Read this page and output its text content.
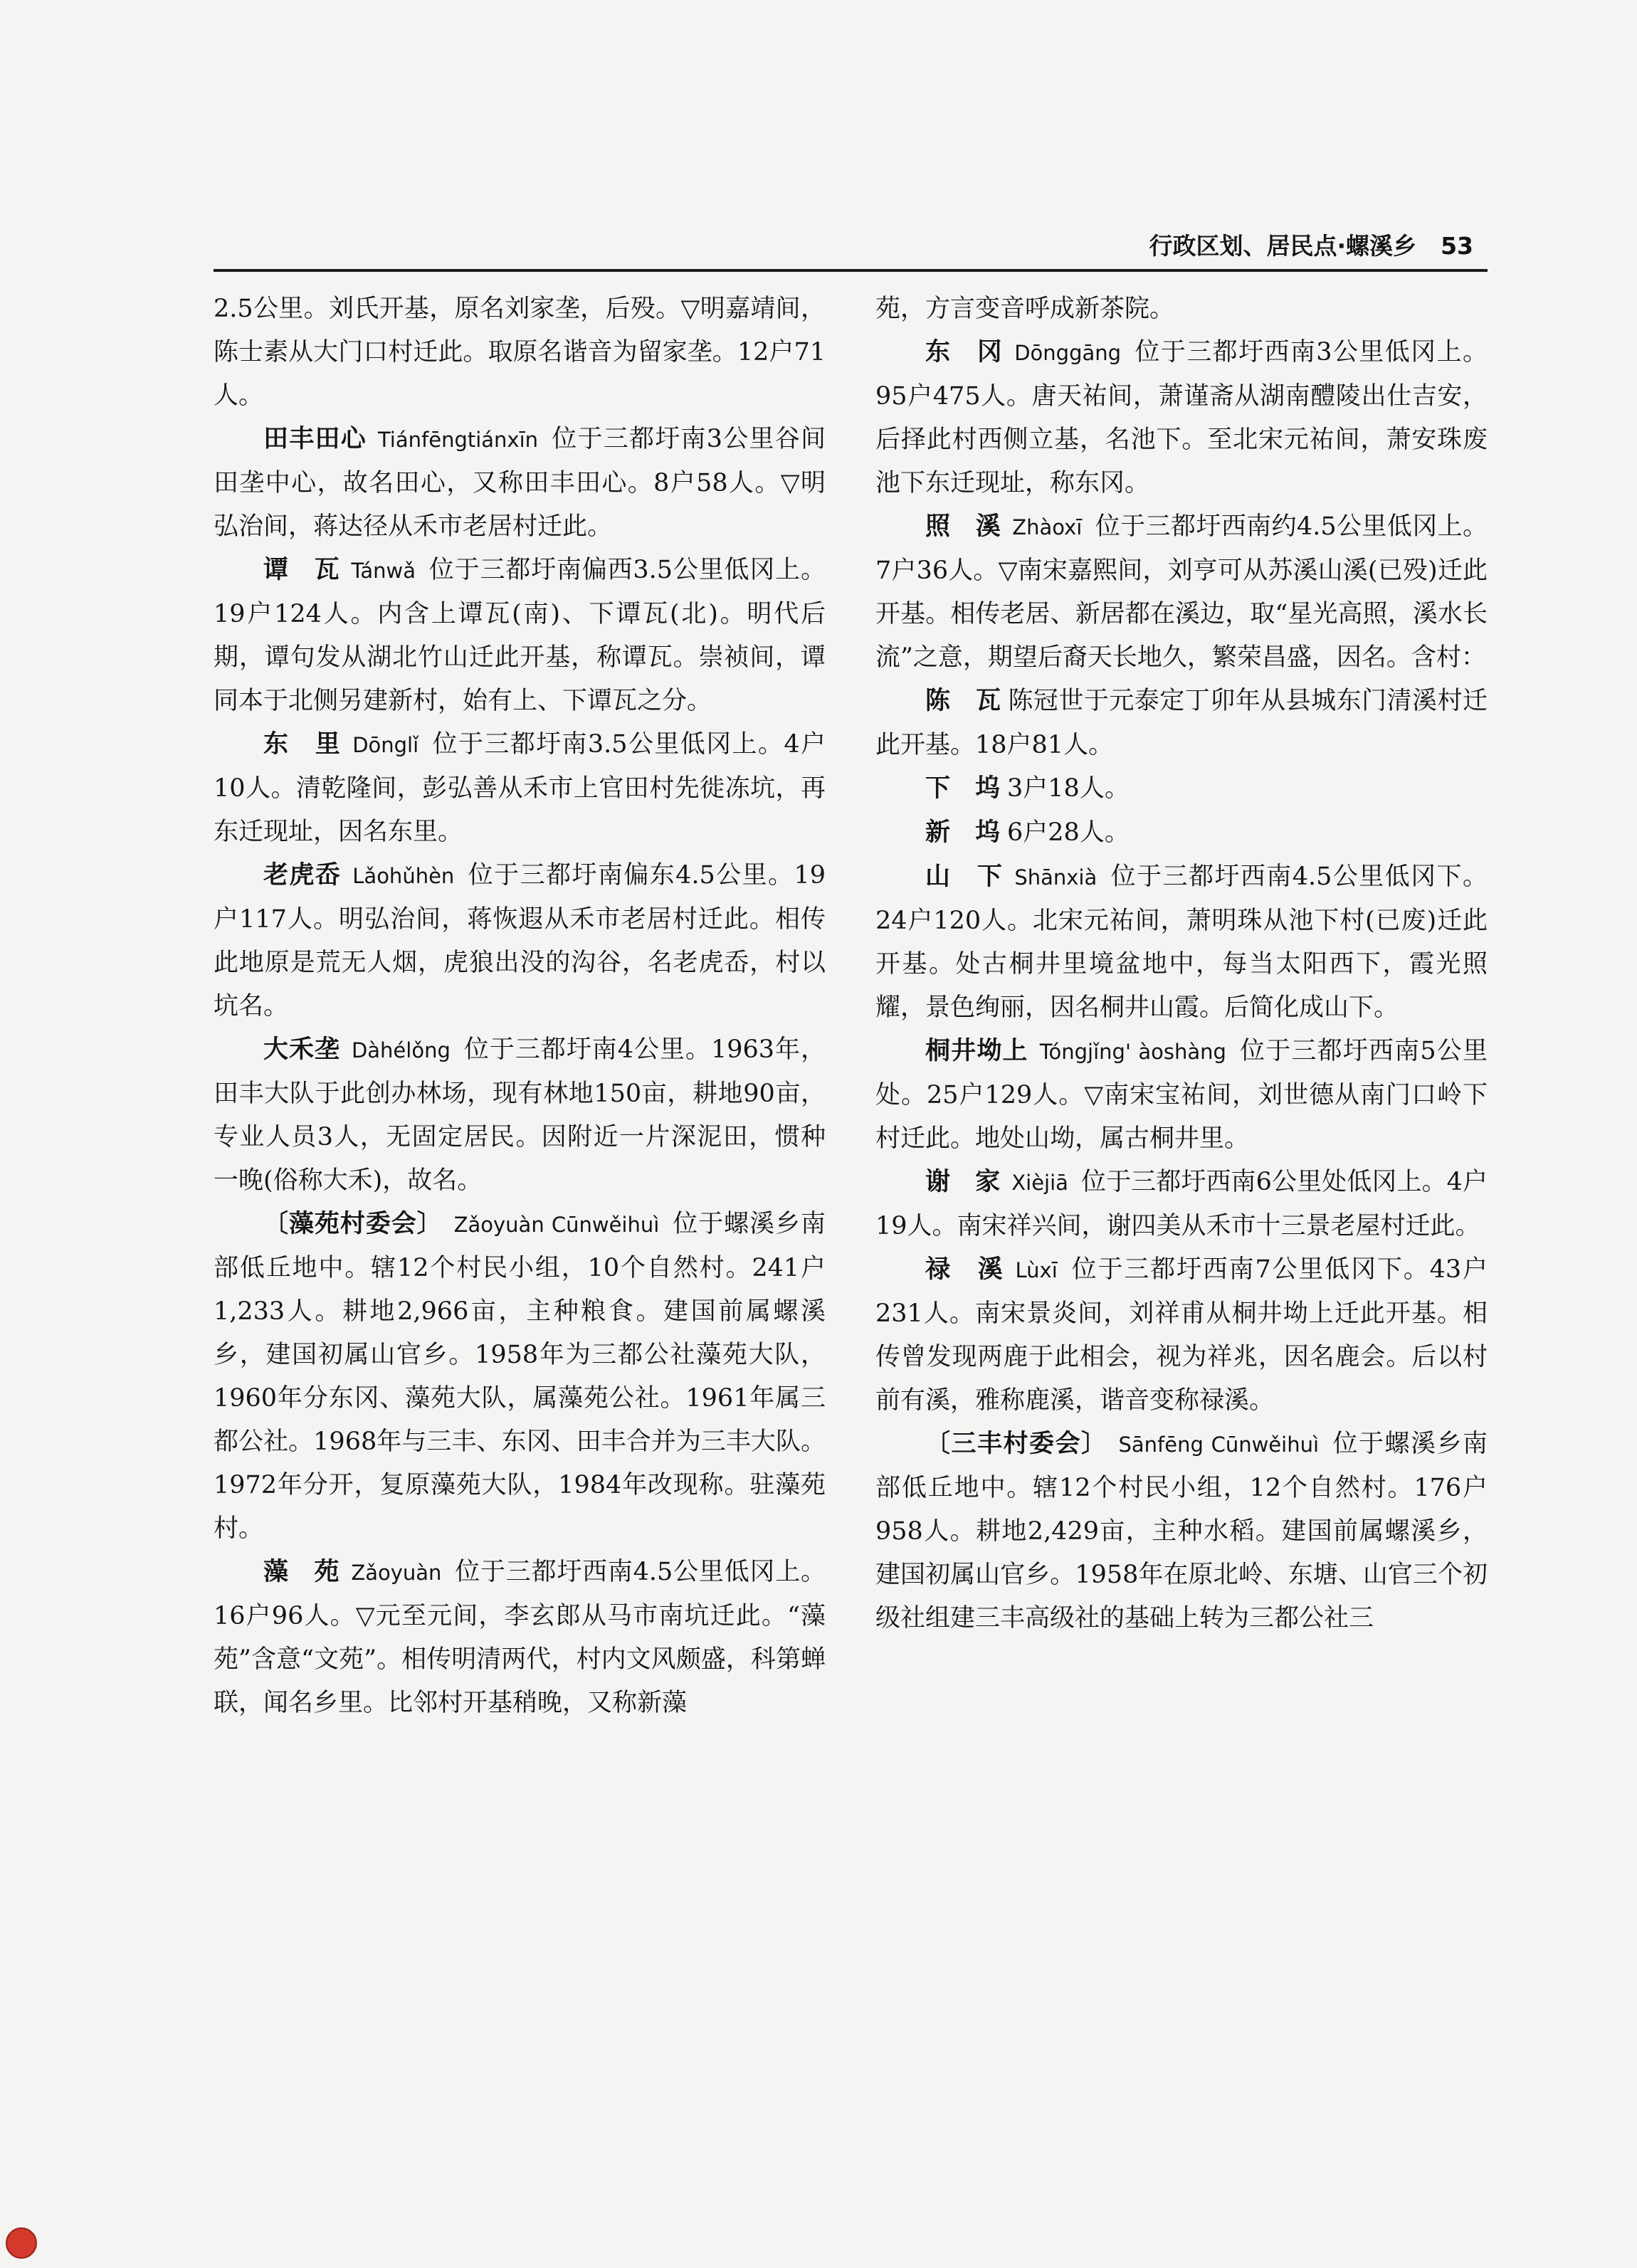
行政区划、居民点·螺溪乡 53

2.5公里。刘氏开基，原名刘家垄，后殁。▽明嘉靖间，陈士素从大门口村迁此。取原名谐音为留家垄。12户71人。

田丰田心 Tiánfēngtiánxīn 位于三都圩南3公里谷间田垄中心，故名田心，又称田丰田心。8户58人。▽明弘治间，蒋达径从禾市老居村迁此。

谭　瓦 Tánwǎ 位于三都圩南偏西3.5公里低冈上。19户124人。内含上谭瓦(南)、下谭瓦(北)。明代后期，谭句发从湖北竹山迁此开基，称谭瓦。崇祯间，谭同本于北侧另建新村，始有上、下谭瓦之分。

东　里 Dōnglǐ 位于三都圩南3.5公里低冈上。4户10人。清乾隆间，彭弘善从禾市上官田村先徙冻坑，再东迁现址，因名东里。

老虎岙 Lǎohǔhèn 位于三都圩南偏东4.5公里。19户117人。明弘治间，蒋恢遐从禾市老居村迁此。相传此地原是荒无人烟，虎狼出没的沟谷，名老虎岙，村以坑名。

大禾垄 Dàhélǒng 位于三都圩南4公里。1963年，田丰大队于此创办林场，现有林地150亩，耕地90亩，专业人员3人，无固定居民。因附近一片深泥田，惯种一晚(俗称大禾)，故名。

〔藻苑村委会〕 Zǎoyuàn Cūnwěihuì 位于螺溪乡南部低丘地中。辖12个村民小组，10个自然村。241户1,233人。耕地2,966亩，主种粮食。建国前属螺溪乡，建国初属山官乡。1958年为三都公社藻苑大队，1960年分东冈、藻苑大队，属藻苑公社。1961年属三都公社。1968年与三丰、东冈、田丰合并为三丰大队。1972年分开，复原藻苑大队，1984年改现称。驻藻苑村。

藻　苑 Zǎoyuàn 位于三都圩西南4.5公里低冈上。16户96人。▽元至元间，李玄郎从马市南坑迁此。“藻苑”含意“文苑”。相传明清两代，村内文风颇盛，科第蝉联，闻名乡里。比邻村开基稍晚，又称新藻

苑，方言变音呼成新茶院。

东　冈 Dōnggāng 位于三都圩西南3公里低冈上。95户475人。唐天祐间，萧谨斋从湖南醴陵出仕吉安，后择此村西侧立基，名池下。至北宋元祐间，萧安珠废池下东迁现址，称东冈。

照　溪 Zhàoxī 位于三都圩西南约4.5公里低冈上。7户36人。▽南宋嘉熙间，刘亨可从苏溪山溪(已殁)迁此开基。相传老居、新居都在溪边，取“星光高照，溪水长流”之意，期望后裔天长地久，繁荣昌盛，因名。含村：

陈　瓦 陈冠世于元泰定丁卯年从县城东门清溪村迁此开基。18户81人。

下　坞 3户18人。

新　坞 6户28人。

山　下 Shānxià 位于三都圩西南4.5公里低冈下。24户120人。北宋元祐间，萧明珠从池下村(已废)迁此开基。处古桐井里境盆地中，每当太阳西下，霞光照耀，景色绚丽，因名桐井山霞。后简化成山下。

桐井坳上 Tóngjǐng' àoshàng 位于三都圩西南5公里处。25户129人。▽南宋宝祐间，刘世德从南门口岭下村迁此。地处山坳，属古桐井里。

谢　家 Xièjiā 位于三都圩西南6公里处低冈上。4户19人。南宋祥兴间，谢四美从禾市十三景老屋村迁此。

禄　溪 Lùxī 位于三都圩西南7公里低冈下。43户231人。南宋景炎间，刘祥甫从桐井坳上迁此开基。相传曾发现两鹿于此相会，视为祥兆，因名鹿会。后以村前有溪，雅称鹿溪，谐音变称禄溪。

〔三丰村委会〕 Sānfēng Cūnwěihuì 位于螺溪乡南部低丘地中。辖12个村民小组，12个自然村。176户958人。耕地2,429亩，主种水稻。建国前属螺溪乡，建国初属山官乡。1958年在原北岭、东塘、山官三个初级社组建三丰高级社的基础上转为三都公社三
